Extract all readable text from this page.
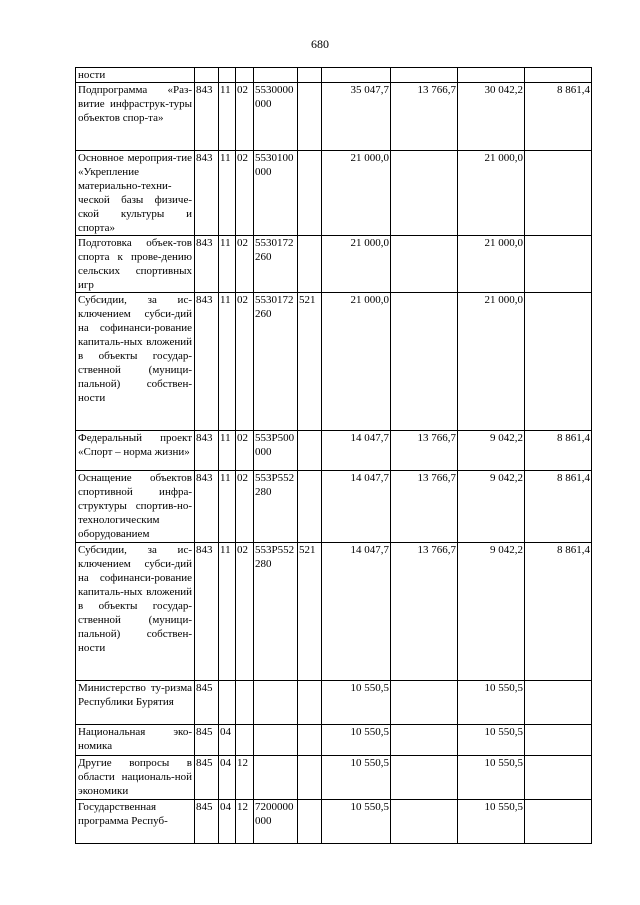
680
ности									
Подпрограмма «Раз-витие инфраструк-туры объектов спор-та»	843	11	02	5530000000		35 047,7	13 766,7	30 042,2	8 861,4
Основное мероприя-тие «Укрепление материально-техни-ческой базы физиче-ской культуры и спорта»	843	11	02	5530100000		21 000,0		21 000,0	
Подготовка объек-тов спорта к прове-дению сельских спортивных игр	843	11	02	5530172260		21 000,0		21 000,0	
Субсидии, за ис-ключением субси-дий на софинанси-рование капиталь-ных вложений в объекты государ-ственной (муници-пальной) собствен-ности	843	11	02	5530172260	521	21 000,0		21 000,0	
Федеральный проект «Спорт – норма жизни»	843	11	02	553P500000		14 047,7	13 766,7	9 042,2	8 861,4
Оснащение объектов спортивной инфра-структуры спортив-но-технологическим оборудованием	843	11	02	553P552280		14 047,7	13 766,7	9 042,2	8 861,4
Субсидии, за ис-ключением субси-дий на софинанси-рование капиталь-ных вложений в объекты государ-ственной (муници-пальной) собствен-ности	843	11	02	553P552280	521	14 047,7	13 766,7	9 042,2	8 861,4
Министерство ту-ризма Республики Бурятия	845					10 550,5		10 550,5	
Национальная эко-номика	845	04				10 550,5		10 550,5	
Другие вопросы в области националь-ной экономики	845	04	12			10 550,5		10 550,5	
Государственная программа Респуб-	845	04	12	7200000000		10 550,5		10 550,5	
